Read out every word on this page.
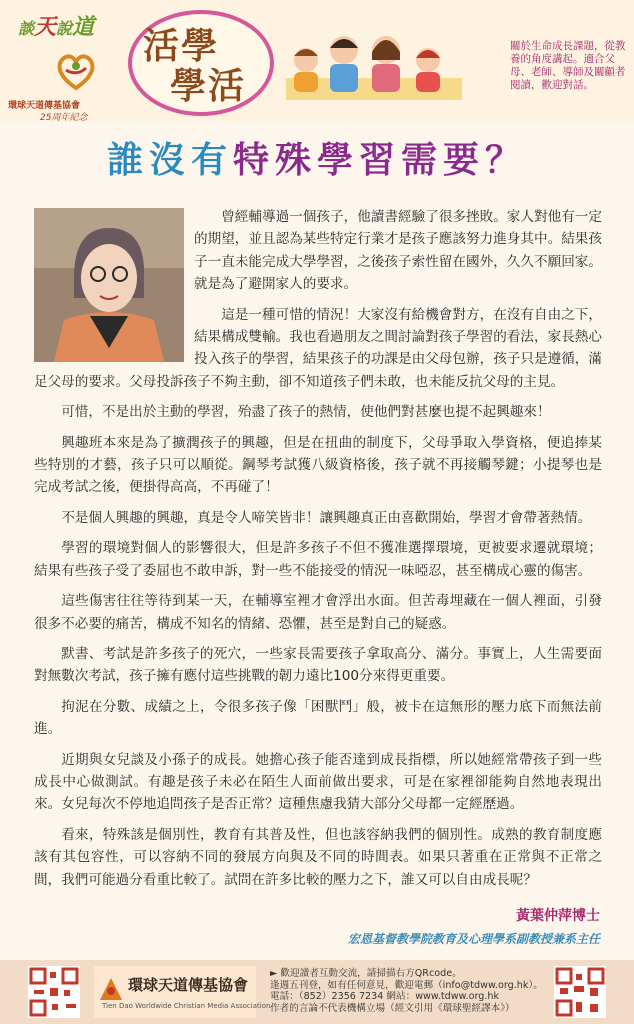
談天說道
環球天道傳基協會
25周年紀念
活學
學活
關於生命成長課題，從教養的角度講起。適合父母、老師、導師及關顧者閱讀，歡迎對話。
誰沒有特殊學習需要？

曾經輔導過一個孩子，他讀書經驗了很多挫敗。家人對他有一定的期望，並且認為某些特定行業才是孩子應該努力進身其中。結果孩子一直未能完成大學學習，之後孩子索性留在國外，久久不願回家。就是為了避開家人的要求。

這是一種可惜的情況！大家沒有給機會對方，在沒有自由之下，結果構成雙輸。我也看過朋友之間討論對孩子學習的看法，家長熱心投入孩子的學習，結果孩子的功課是由父母包辦，孩子只是遵循，滿足父母的要求。父母投訴孩子不夠主動，卻不知道孩子們未敢，也未能反抗父母的主見。

可惜，不是出於主動的學習，殆盡了孩子的熱情，使他們對甚麼也提不起興趣來！

興趣班本來是為了擴潤孩子的興趣，但是在扭曲的制度下，父母爭取入學資格，便追捧某些特別的才藝，孩子只可以順從。鋼琴考試獲八級資格後，孩子就不再接觸琴鍵；小提琴也是完成考試之後，便掛得高高，不再碰了！

不是個人興趣的興趣，真是令人啼笑皆非！讓興趣真正由喜歡開始，學習才會帶著熱情。

學習的環境對個人的影響很大，但是許多孩子不但不獲准選擇環境，更被要求遷就環境；結果有些孩子受了委屈也不敢申訴，對一些不能接受的情況一味啞忍，甚至構成心靈的傷害。

這些傷害往往等待到某一天，在輔導室裡才會浮出水面。但苦毒埋藏在一個人裡面，引發很多不必要的痛苦，構成不知名的情緒、恐懼，甚至是對自己的疑惑。

默書、考試是許多孩子的死穴，一些家長需要孩子拿取高分、滿分。事實上，人生需要面對無數次考試，孩子擁有應付這些挑戰的韌力遠比100分來得更重要。

拘泥在分數、成績之上，令很多孩子像「困獸鬥」般，被卡在這無形的壓力底下而無法前進。

近期與女兒談及小孫子的成長。她擔心孩子能否達到成長指標，所以她經常帶孩子到一些成長中心做測試。有趣是孩子未必在陌生人面前做出要求，可是在家裡卻能夠自然地表現出來。女兒每次不停地追問孩子是否正常？這種焦慮我猜大部分父母都一定經歷過。

看來，特殊該是個別性，教育有其普及性，但也該容納我們的個別性。成熟的教育制度應該有其包容性，可以容納不同的發展方向與及不同的時間表。如果只著重在正常與不正常之間，我們可能過分看重比較了。試問在許多比較的壓力之下，誰又可以自由成長呢？

黃葉仲萍博士
宏恩基督教學院教育及心理學系副教授兼系主任
環球天道傳基協會
Tien Dao Worldwide Christian Media Association
► 歡迎讀者互動交流，請掃描右方QRcode。
逢週五刊登，如有任何意見，歡迎電郵（info@tdww.org.hk）。
電話：（852）2356 7234 網站：www.tdww.org.hk
作者的言論不代表機構立場（經文引用《環球聖經譯本》）
